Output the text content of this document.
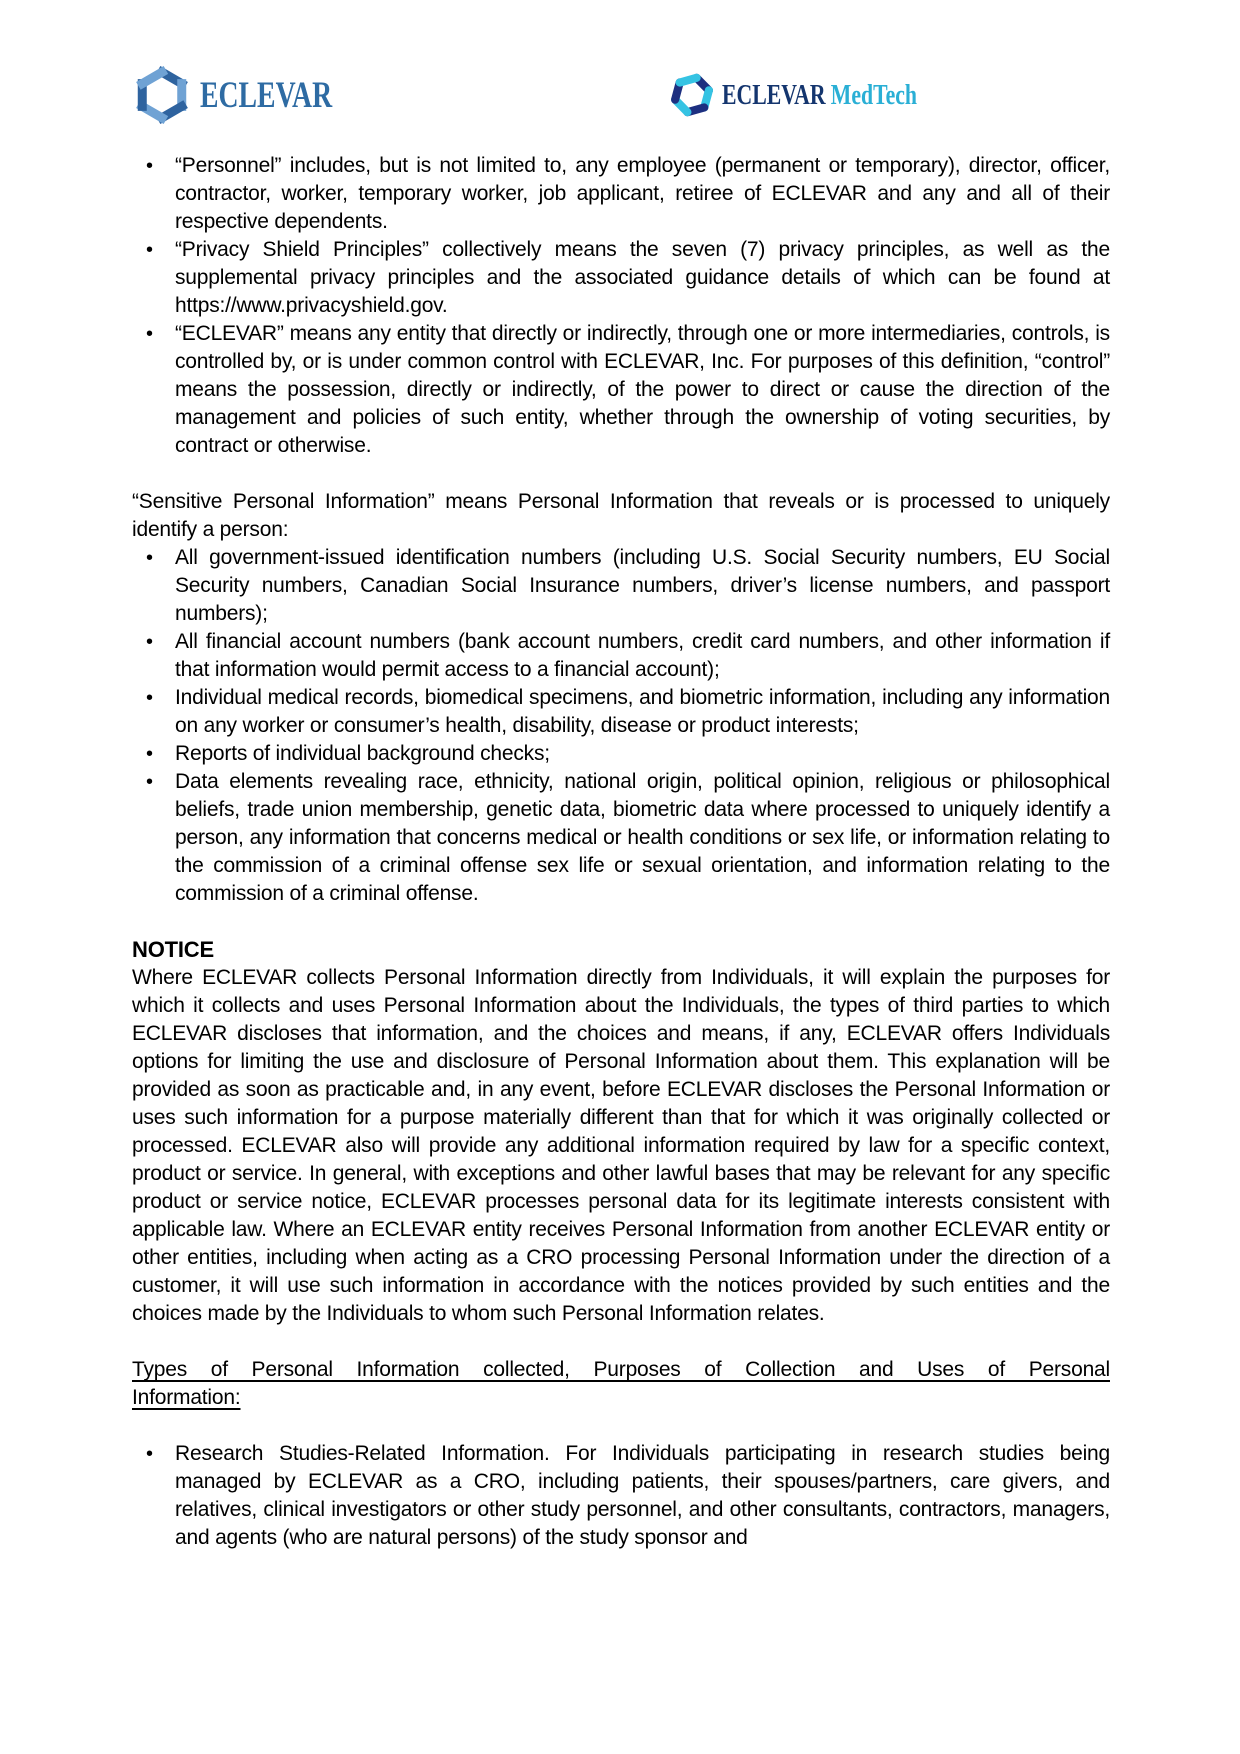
ECLEVAR	ECLEVAR MedTech
• “Personnel” includes, but is not limited to, any employee (permanent or temporary), director, officer, contractor, worker, temporary worker, job applicant, retiree of ECLEVAR and any and all of their respective dependents.
• “Privacy Shield Principles” collectively means the seven (7) privacy principles, as well as the supplemental privacy principles and the associated guidance details of which can be found at https://www.privacyshield.gov.
• “ECLEVAR” means any entity that directly or indirectly, through one or more intermediaries, controls, is controlled by, or is under common control with ECLEVAR, Inc. For purposes of this definition, “control” means the possession, directly or indirectly, of the power to direct or cause the direction of the management and policies of such entity, whether through the ownership of voting securities, by contract or otherwise.

“Sensitive Personal Information” means Personal Information that reveals or is processed to uniquely identify a person:

• All government-issued identification numbers (including U.S. Social Security numbers, EU Social Security numbers, Canadian Social Insurance numbers, driver’s license numbers, and passport numbers);
• All financial account numbers (bank account numbers, credit card numbers, and other information if that information would permit access to a financial account);
• Individual medical records, biomedical specimens, and biometric information, including any information on any worker or consumer’s health, disability, disease or product interests;
• Reports of individual background checks;
• Data elements revealing race, ethnicity, national origin, political opinion, religious or philosophical beliefs, trade union membership, genetic data, biometric data where processed to uniquely identify a person, any information that concerns medical or health conditions or sex life, or information relating to the commission of a criminal offense sex life or sexual orientation, and information relating to the commission of a criminal offense.
NOTICE

Where ECLEVAR collects Personal Information directly from Individuals, it will explain the purposes for which it collects and uses Personal Information about the Individuals, the types of third parties to which ECLEVAR discloses that information, and the choices and means, if any, ECLEVAR offers Individuals options for limiting the use and disclosure of Personal Information about them. This explanation will be provided as soon as practicable and, in any event, before ECLEVAR discloses the Personal Information or uses such information for a purpose materially different than that for which it was originally collected or processed. ECLEVAR also will provide any additional information required by law for a specific context, product or service. In general, with exceptions and other lawful bases that may be relevant for any specific product or service notice, ECLEVAR processes personal data for its legitimate interests consistent with applicable law. Where an ECLEVAR entity receives Personal Information from another ECLEVAR entity or other entities, including when acting as a CRO processing Personal Information under the direction of a customer, it will use such information in accordance with the notices provided by such entities and the choices made by the Individuals to whom such Personal Information relates.

Types of Personal Information collected, Purposes of Collection and Uses of Personal
Information:
• Research Studies-Related Information. For Individuals participating in research studies being managed by ECLEVAR as a CRO, including patients, their spouses/partners, care givers, and relatives, clinical investigators or other study personnel, and other consultants, contractors, managers, and agents (who are natural persons) of the study sponsor and
